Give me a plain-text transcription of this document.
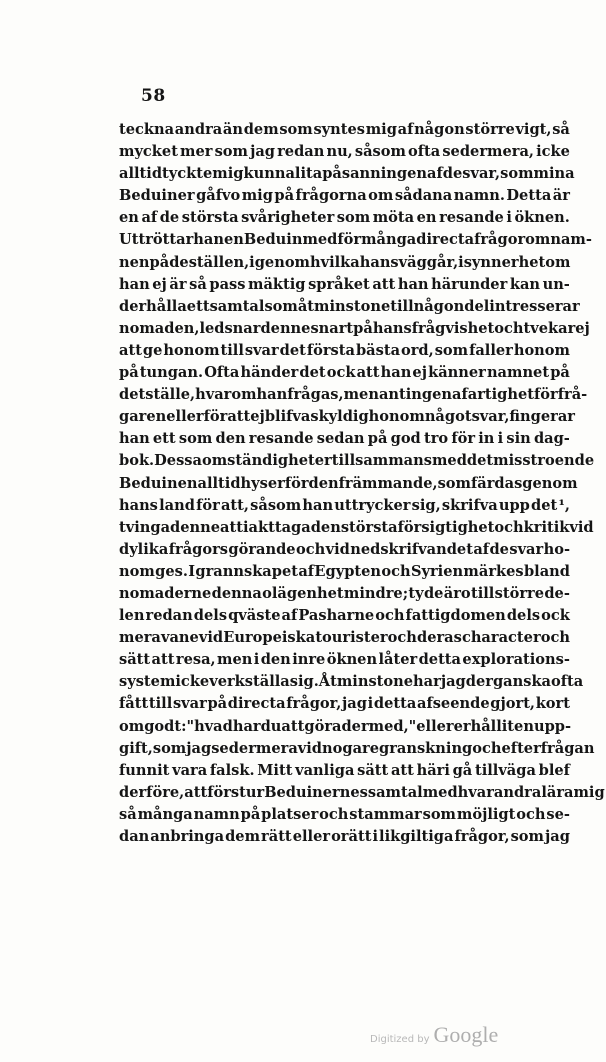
58
teckna andra än dem som syntes mig af någon större vigt, så
mycket mer som jag redan nu, såsom ofta sedermera, icke
alltid tyckte mig kunna lita på sanningen af de svar, som mina
Beduiner gåfvo mig på frågorna om sådana namn. Detta är
en af de största svårigheter som möta en resande i öknen.
Uttröttar han en Beduin med för många directa frågor om nam-
nen på de ställen, igenom hvilka hans väg går, isynnerhet om
han ej är så pass mäktig språket att han härunder kan un-
derhålla ett samtal som åtminstone till någon del intresserar
nomaden, ledsnar denne snart på hans frågvishet och tvekar ej
att ge honom till svar det första bästa ord, som faller honom
på tungan. Ofta händer det ock att han ej känner namnet på
det ställe, hvarom han frågas, men antingen af artighet för frå-
garen eller för att ej blifva skyldig honom något svar, fingerar
han ett som den resande sedan på god tro för in i sin dag-
bok. Dessa omständigheter tillsammans med det misstroende
Beduinen alltid hyser för den främmande, som färdas genom
hans land för att, såsom han uttrycker sig, skrifva upp det ¹,
tvinga denne att iakttaga den största försigtighet och kritik vid
dylika frågors görande och vid nedskrifvandet af de svar ho-
nom ges. I grannskapet af Egypten och Syrien märkes bland
nomaderne denna olägenhet mindre; ty de äro till större de-
len redan dels qväste af Pasharne och fattigdomen dels ock
mera vane vid Europeiska tourister och deras character och
sätt att resa, men i den inre öknen låter detta explorations-
system icke verkställa sig. Åtminstone har jag der ganska ofta
fått till svar på directa frågor, jag i detta afseende gjort, kort
om godt: "hvad har du att göra dermed," eller erhållit en upp-
gift, som jag sedermera vid nogare granskning och efterfrågan
funnit vara falsk. Mitt vanliga sätt att häri gå tillväga blef
derföre, att först ur Beduinernes samtal med hvarandra lära mig
så många namn på platser och stammar som möjligt och se-
dan anbringa dem rätt eller orätt i likgiltiga frågor, som jag
Digitized by Google
